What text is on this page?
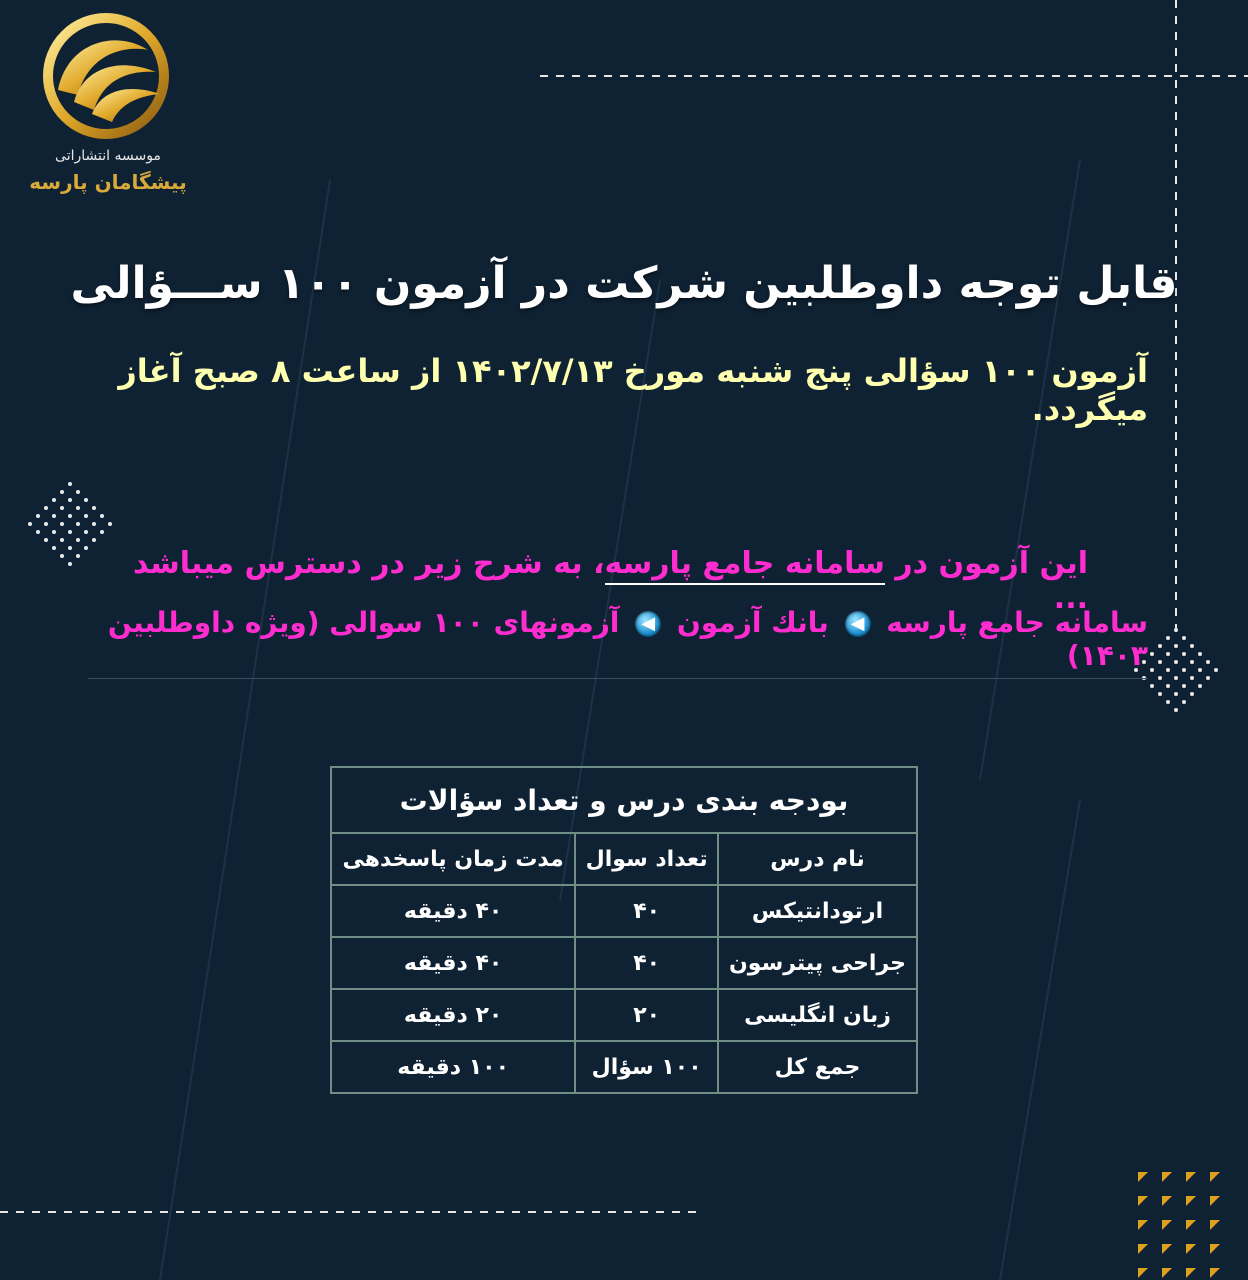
موسسه انتشاراتی
پیشگامان پارسه
قابل توجه داوطلبین شرکت در آزمون ۱۰۰ ســـؤالی
آزمون ۱۰۰ سؤالی پنج شنبه مورخ ۱۴۰۲/۷/۱۳ از ساعت ۸ صبح آغاز میگردد.
این آزمون در سامانه جامع پارسه، به شرح زیر در دسترس میباشد ...
سامانه جامع پارسه ◀ بانك آزمون ◀ آزمونهای ۱۰۰ سوالی (ویژه داوطلبین ۱۴۰۳)
بودجه بندی درس و تعداد سؤالات		
نام درس	تعداد سوال	مدت زمان پاسخدهی
ارتودانتیکس	۴۰	۴۰ دقیقه
جراحی پیترسون	۴۰	۴۰ دقیقه
زبان انگلیسی	۲۰	۲۰ دقیقه
جمع کل	۱۰۰ سؤال	۱۰۰ دقیقه
